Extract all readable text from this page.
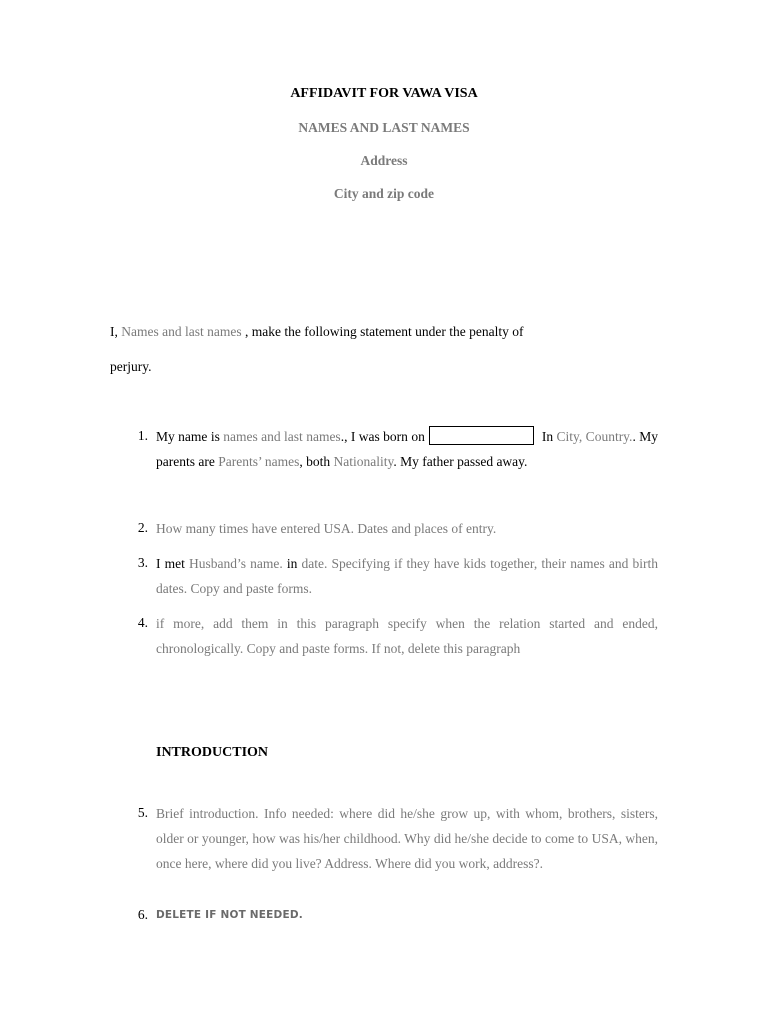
AFFIDAVIT FOR VAWA VISA
NAMES AND LAST NAMES
Address
City and zip code
I, Names and last names , make the following statement under the penalty of
perjury.
1. My name is names and last names., I was born on	In City, Country.. My parents are Parents’ names, both Nationality. My father passed away.
2. How many times have entered USA. Dates and places of entry.
3. I met Husband’s name. in date. Specifying if they have kids together, their names and birth dates. Copy and paste forms.
4. if more, add them in this paragraph specify when the relation started and ended, chronologically. Copy and paste forms. If not, delete this paragraph
INTRODUCTION
5. Brief introduction. Info needed: where did he/she grow up, with whom, brothers, sisters, older or younger, how was his/her childhood. Why did he/she decide to come to USA, when, once here, where did you live? Address. Where did you work, address?.
6. DELETE IF NOT NEEDED.
